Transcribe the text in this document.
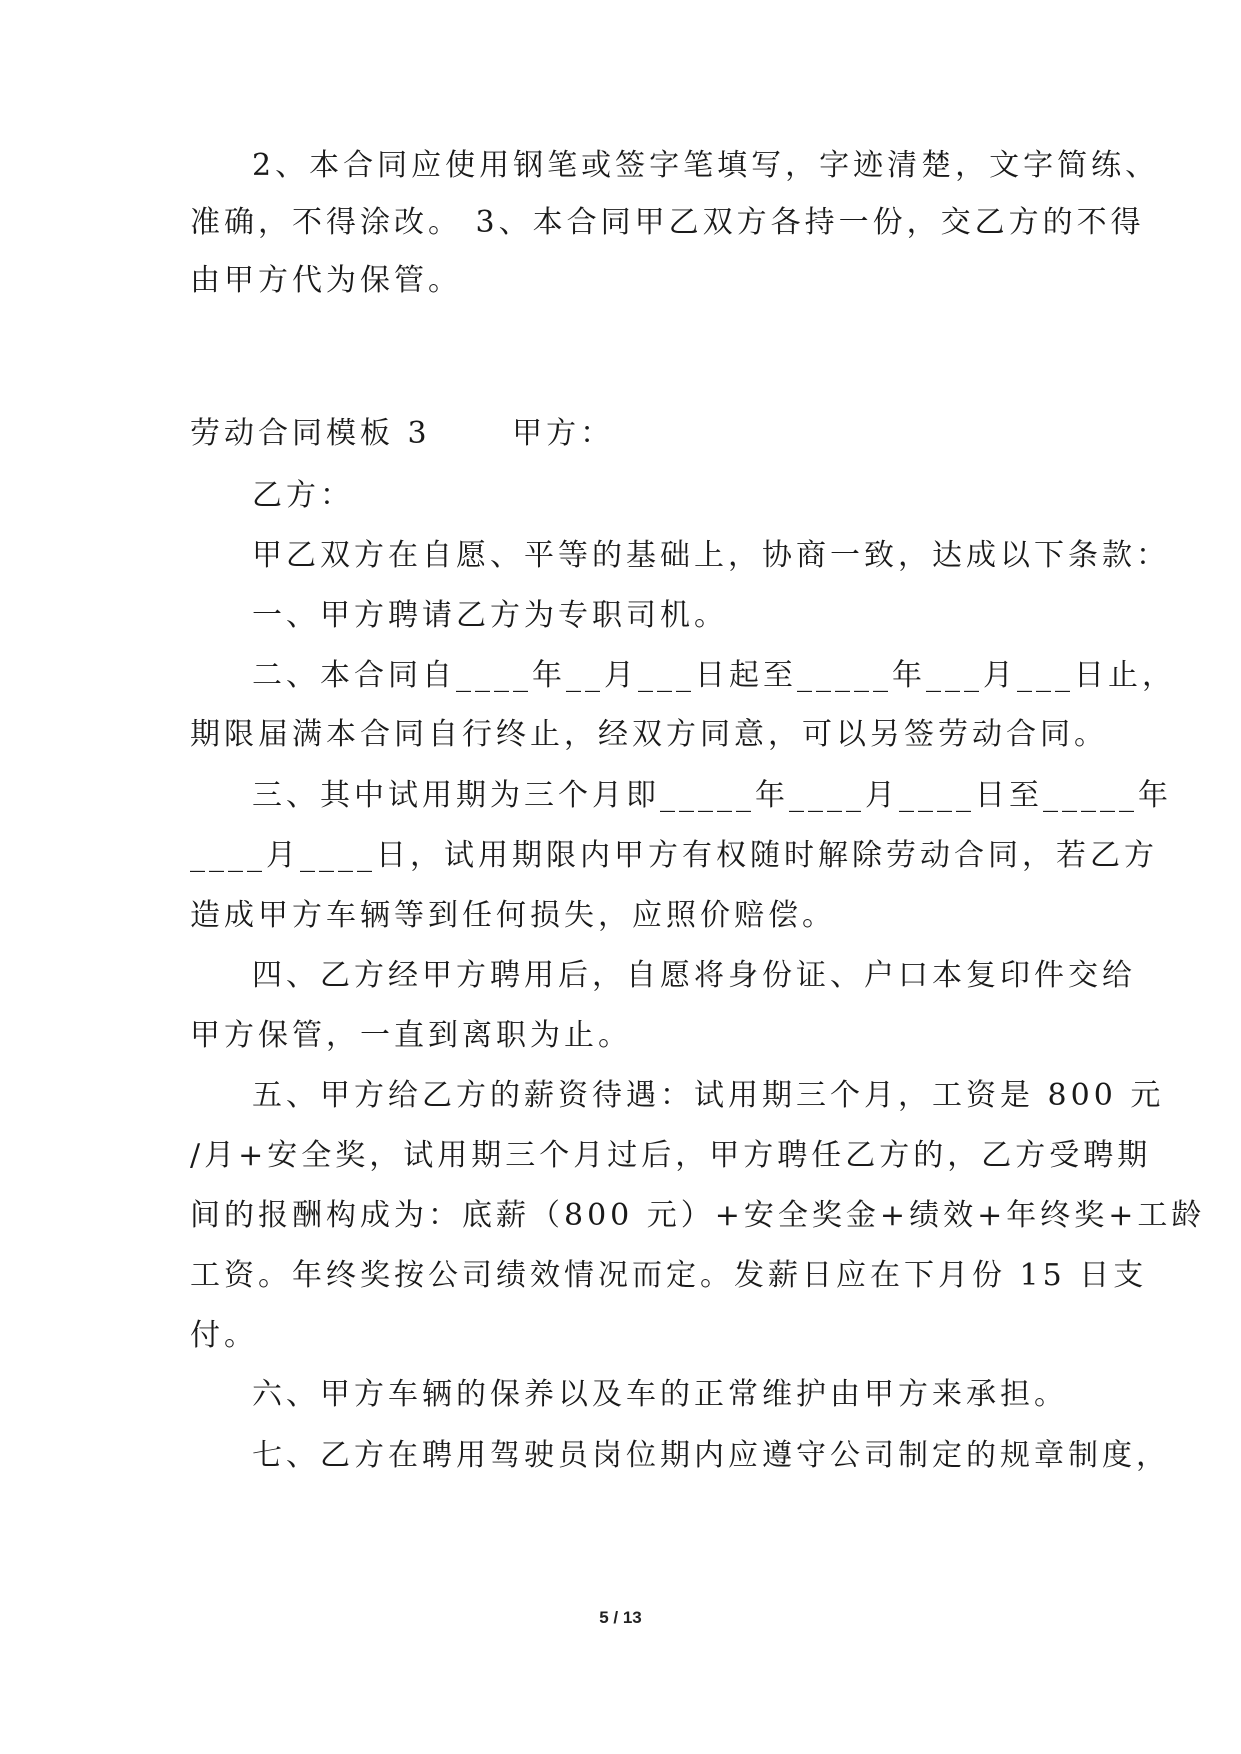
2、本合同应使用钢笔或签字笔填写，字迹清楚，文字简练、
准确，不得涂改。 3、本合同甲乙双方各持一份，交乙方的不得
由甲方代为保管。
劳动合同模板 3　　 甲方：
乙方：
甲乙双方在自愿、平等的基础上，协商一致，达成以下条款：
一、甲方聘请乙方为专职司机。
二、本合同自____年__月___日起至_____年___月___日止，
期限届满本合同自行终止，经双方同意，可以另签劳动合同。
三、其中试用期为三个月即_____年____月____日至_____年
____月____日，试用期限内甲方有权随时解除劳动合同，若乙方
造成甲方车辆等到任何损失，应照价赔偿。
四、乙方经甲方聘用后，自愿将身份证、户口本复印件交给
甲方保管，一直到离职为止。
五、甲方给乙方的薪资待遇：试用期三个月，工资是 800 元
/月+安全奖，试用期三个月过后，甲方聘任乙方的，乙方受聘期
间的报酬构成为：底薪（800 元）+安全奖金+绩效+年终奖+工龄
工资。年终奖按公司绩效情况而定。发薪日应在下月份 15 日支
付。
六、甲方车辆的保养以及车的正常维护由甲方来承担。
七、乙方在聘用驾驶员岗位期内应遵守公司制定的规章制度，
5 / 13
